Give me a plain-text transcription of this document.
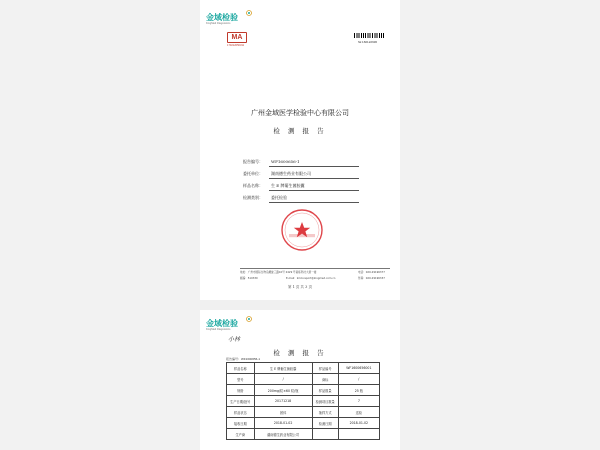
金域检验
KingMed Diagnostics
MA
170212050311
№:160122936
广州金域医学检验中心有限公司
检 测 报 告
报告编号： WF1600656-1
委托单位： 湖南德生药业有限公司
样品名称： 生 E 牌葡生菌胶囊
检测类别： 委托检验
地址：广州市国际生物岛螺旋三路10号 2429 号南栋科技大厦一楼	电话：020-29196377
邮编：510330	E-mail：kmd-report@kingmed.com.cn	传真：020-29196337
第 1 页 共 3 页
金域检验
KingMed Diagnostics
小林
检 测 报 告
报告编号：WF1600656-1
样品名称	生 E 牌葡生菌胶囊	样品编号	WF1600656001
型号	/	商标	/
规格	200mg/粒×60 粒/瓶	样品数量	25 瓶
生产日期/批号	20171218	检测项目数量	7
样品状态	固体	抽样方式	送检
接收日期	2018-01-02	检测日期	2018-01-02
生产商	湖南德生药业有限公司		
